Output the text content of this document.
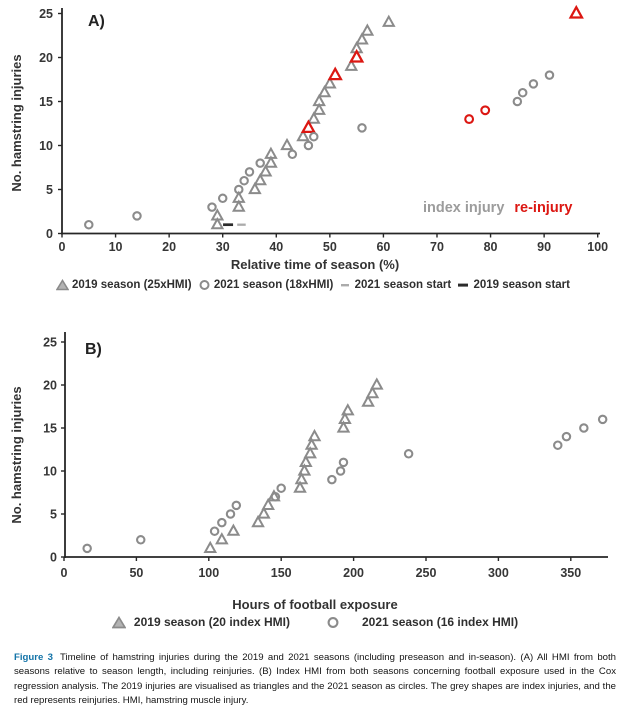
0	10	20	30	40	50	60	70	80	90	100
0
5
10
15
20
25
0	50	100	150	200	250	300	350
0
5
10
15
20
25
A)
B)
No. hamstring injuries
No. hamstring injuries
Relative time of season (%)
Hours of football exposure
index injury re-injury
2019 season (25xHMI) 2021 season (18xHMI) 2021 season start 2019 season start
2019 season (20 index HMI)	2021 season (16 index HMI)
Figure 3 Timeline of hamstring injuries during the 2019 and 2021 seasons (including preseason and in-season). (A) All HMI from both seasons relative to season length, including reinjuries. (B) Index HMI from both seasons concerning football exposure used in the Cox regression analysis. The 2019 injuries are visualised as triangles and the 2021 season as circles. The grey shapes are index injuries, and the red represents reinjuries. HMI, hamstring muscle injury.
